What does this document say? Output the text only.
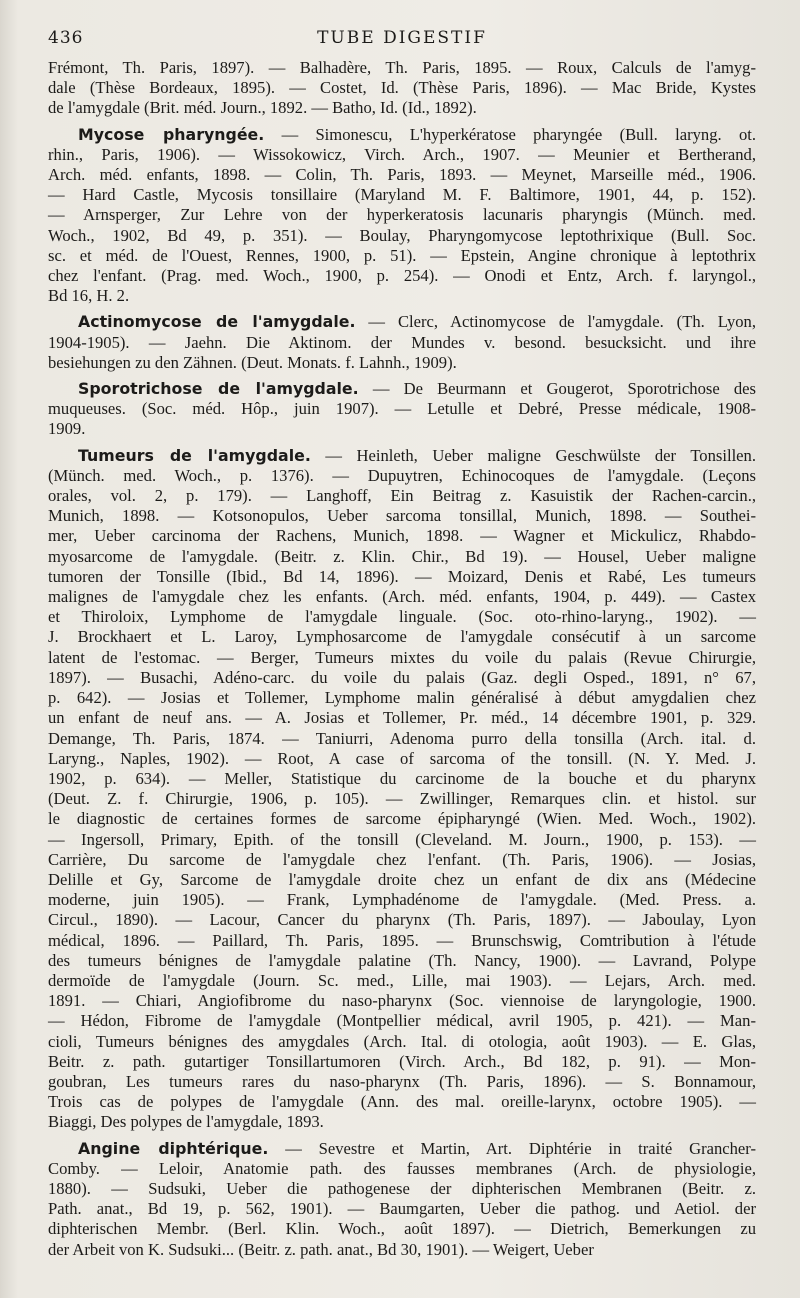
436	TUBE DIGESTIF
Frémont, Th. Paris, 1897). — Balhadère, Th. Paris, 1895. — Roux, Calculs de l'amyg-
dale (Thèse Bordeaux, 1895). — Costet, Id. (Thèse Paris, 1896). — Mac Bride, Kystes
de l'amygdale (Brit. méd. Journ., 1892. — Batho, Id. (Id., 1892).
Mycose pharyngée. — Simonescu, L'hyperkératose pharyngée (Bull. laryng. ot.
rhin., Paris, 1906). — Wissokowicz, Virch. Arch., 1907. — Meunier et Bertherand,
Arch. méd. enfants, 1898. — Colin, Th. Paris, 1893. — Meynet, Marseille méd., 1906.
— Hard Castle, Mycosis tonsillaire (Maryland M. F. Baltimore, 1901, 44, p. 152).
— Arnsperger, Zur Lehre von der hyperkeratosis lacunaris pharyngis (Münch. med.
Woch., 1902, Bd 49, p. 351). — Boulay, Pharyngomycose leptothrixique (Bull. Soc.
sc. et méd. de l'Ouest, Rennes, 1900, p. 51). — Epstein, Angine chronique à leptothrix
chez l'enfant. (Prag. med. Woch., 1900, p. 254). — Onodi et Entz, Arch. f. laryngol.,
Bd 16, H. 2.
Actinomycose de l'amygdale. — Clerc, Actinomycose de l'amygdale. (Th. Lyon,
1904-1905). — Jaehn. Die Aktinom. der Mundes v. besond. besucksicht. und ihre
besiehungen zu den Zähnen. (Deut. Monats. f. Lahnh., 1909).
Sporotrichose de l'amygdale. — De Beurmann et Gougerot, Sporotrichose des
muqueuses. (Soc. méd. Hôp., juin 1907). — Letulle et Debré, Presse médicale, 1908-
1909.
Tumeurs de l'amygdale. — Heinleth, Ueber maligne Geschwülste der Tonsillen.
(Münch. med. Woch., p. 1376). — Dupuytren, Echinocoques de l'amygdale. (Leçons
orales, vol. 2, p. 179). — Langhoff, Ein Beitrag z. Kasuistik der Rachen-carcin.,
Munich, 1898. — Kotsonopulos, Ueber sarcoma tonsillal, Munich, 1898. — Southei-
mer, Ueber carcinoma der Rachens, Munich, 1898. — Wagner et Mickulicz, Rhabdo-
myosarcome de l'amygdale. (Beitr. z. Klin. Chir., Bd 19). — Housel, Ueber maligne
tumoren der Tonsille (Ibid., Bd 14, 1896). — Moizard, Denis et Rabé, Les tumeurs
malignes de l'amygdale chez les enfants. (Arch. méd. enfants, 1904, p. 449). — Castex
et Thiroloix, Lymphome de l'amygdale linguale. (Soc. oto-rhino-laryng., 1902). —
J. Brockhaert et L. Laroy, Lymphosarcome de l'amygdale consécutif à un sarcome
latent de l'estomac. — Berger, Tumeurs mixtes du voile du palais (Revue Chirurgie,
1897). — Busachi, Adéno-carc. du voile du palais (Gaz. degli Osped., 1891, n° 67,
p. 642). — Josias et Tollemer, Lymphome malin généralisé à début amygdalien chez
un enfant de neuf ans. — A. Josias et Tollemer, Pr. méd., 14 décembre 1901, p. 329.
Demange, Th. Paris, 1874. — Taniurri, Adenoma purro della tonsilla (Arch. ital. d.
Laryng., Naples, 1902). — Root, A case of sarcoma of the tonsill. (N. Y. Med. J.
1902, p. 634). — Meller, Statistique du carcinome de la bouche et du pharynx
(Deut. Z. f. Chirurgie, 1906, p. 105). — Zwillinger, Remarques clin. et histol. sur
le diagnostic de certaines formes de sarcome épipharyngé (Wien. Med. Woch., 1902).
— Ingersoll, Primary, Epith. of the tonsill (Cleveland. M. Journ., 1900, p. 153). —
Carrière, Du sarcome de l'amygdale chez l'enfant. (Th. Paris, 1906). — Josias,
Delille et Gy, Sarcome de l'amygdale droite chez un enfant de dix ans (Médecine
moderne, juin 1905). — Frank, Lymphadénome de l'amygdale. (Med. Press. a.
Circul., 1890). — Lacour, Cancer du pharynx (Th. Paris, 1897). — Jaboulay, Lyon
médical, 1896. — Paillard, Th. Paris, 1895. — Brunschswig, Comtribution à l'étude
des tumeurs bénignes de l'amygdale palatine (Th. Nancy, 1900). — Lavrand, Polype
dermoïde de l'amygdale (Journ. Sc. med., Lille, mai 1903). — Lejars, Arch. med.
1891. — Chiari, Angiofibrome du naso-pharynx (Soc. viennoise de laryngologie, 1900.
— Hédon, Fibrome de l'amygdale (Montpellier médical, avril 1905, p. 421). — Man-
cioli, Tumeurs bénignes des amygdales (Arch. Ital. di otologia, août 1903). — E. Glas,
Beitr. z. path. gutartiger Tonsillartumoren (Virch. Arch., Bd 182, p. 91). — Mon-
goubran, Les tumeurs rares du naso-pharynx (Th. Paris, 1896). — S. Bonnamour,
Trois cas de polypes de l'amygdale (Ann. des mal. oreille-larynx, octobre 1905). —
Biaggi, Des polypes de l'amygdale, 1893.
Angine diphtérique. — Sevestre et Martin, Art. Diphtérie in traité Grancher-
Comby. — Leloir, Anatomie path. des fausses membranes (Arch. de physiologie,
1880). — Sudsuki, Ueber die pathogenese der diphterischen Membranen (Beitr. z.
Path. anat., Bd 19, p. 562, 1901). — Baumgarten, Ueber die pathog. und Aetiol. der
diphterischen Membr. (Berl. Klin. Woch., août 1897). — Dietrich, Bemerkungen zu
der Arbeit von K. Sudsuki... (Beitr. z. path. anat., Bd 30, 1901). — Weigert, Ueber
